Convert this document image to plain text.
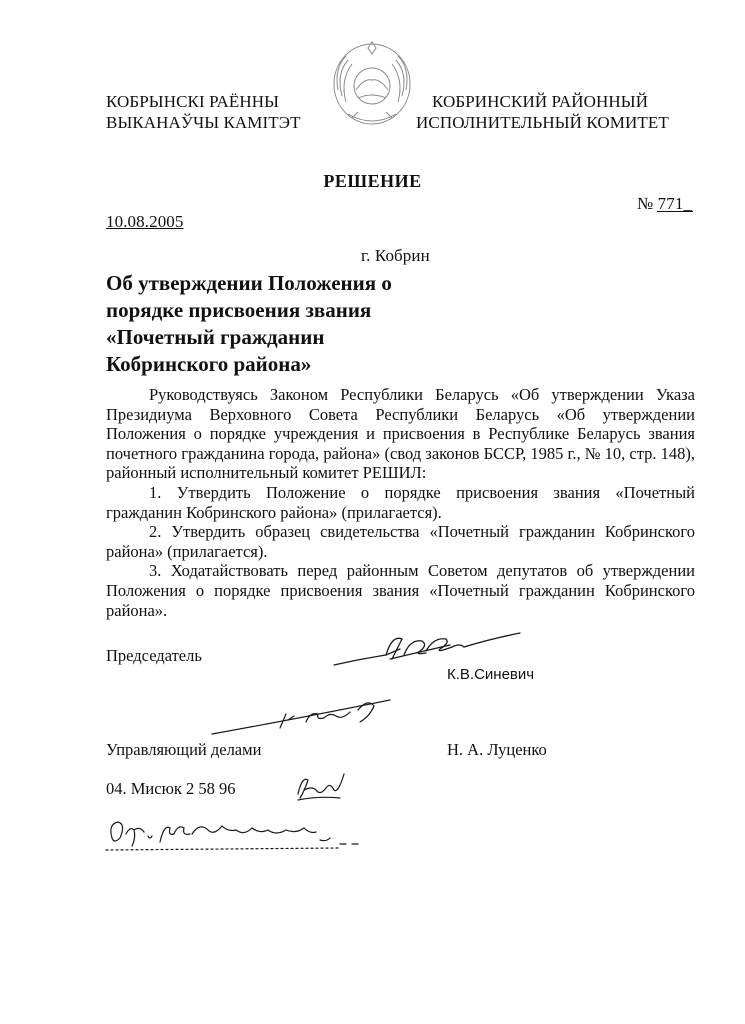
КОБРЫНСКІ РАЁННЫ
ВЫКАНАЎЧЫ КАМІТЭТ
КОБРИНСКИЙ РАЙОННЫЙ
ИСПОЛНИТЕЛЬНЫЙ КОМИТЕТ
РЕШЕНИЕ
№ 771_
10.08.2005
г. Кобрин
Об утверждении Положения о
порядке присвоения звания
«Почетный гражданин
Кобринского района»

Руководствуясь Законом Республики Беларусь «Об утверждении Указа Президиума Верховного Совета Республики Беларусь «Об утверждении Положения о порядке учреждения и присвоения в Республике Беларусь звания почетного гражданина города, района» (свод законов БССР, 1985 г., № 10, стр. 148), районный исполнительный комитет РЕШИЛ:

1. Утвердить Положение о порядке присвоения звания «Почетный гражданин Кобринского района» (прилагается).

2. Утвердить образец свидетельства «Почетный гражданин Кобринского района» (прилагается).

3. Ходатайствовать перед районным Советом депутатов об утверждении Положения о порядке присвоения звания «Почетный гражданин Кобринского района».

Председатель
К.В.Синевич
Управляющий делами	Н. А. Луценко
04. Мисюк 2 58 96
